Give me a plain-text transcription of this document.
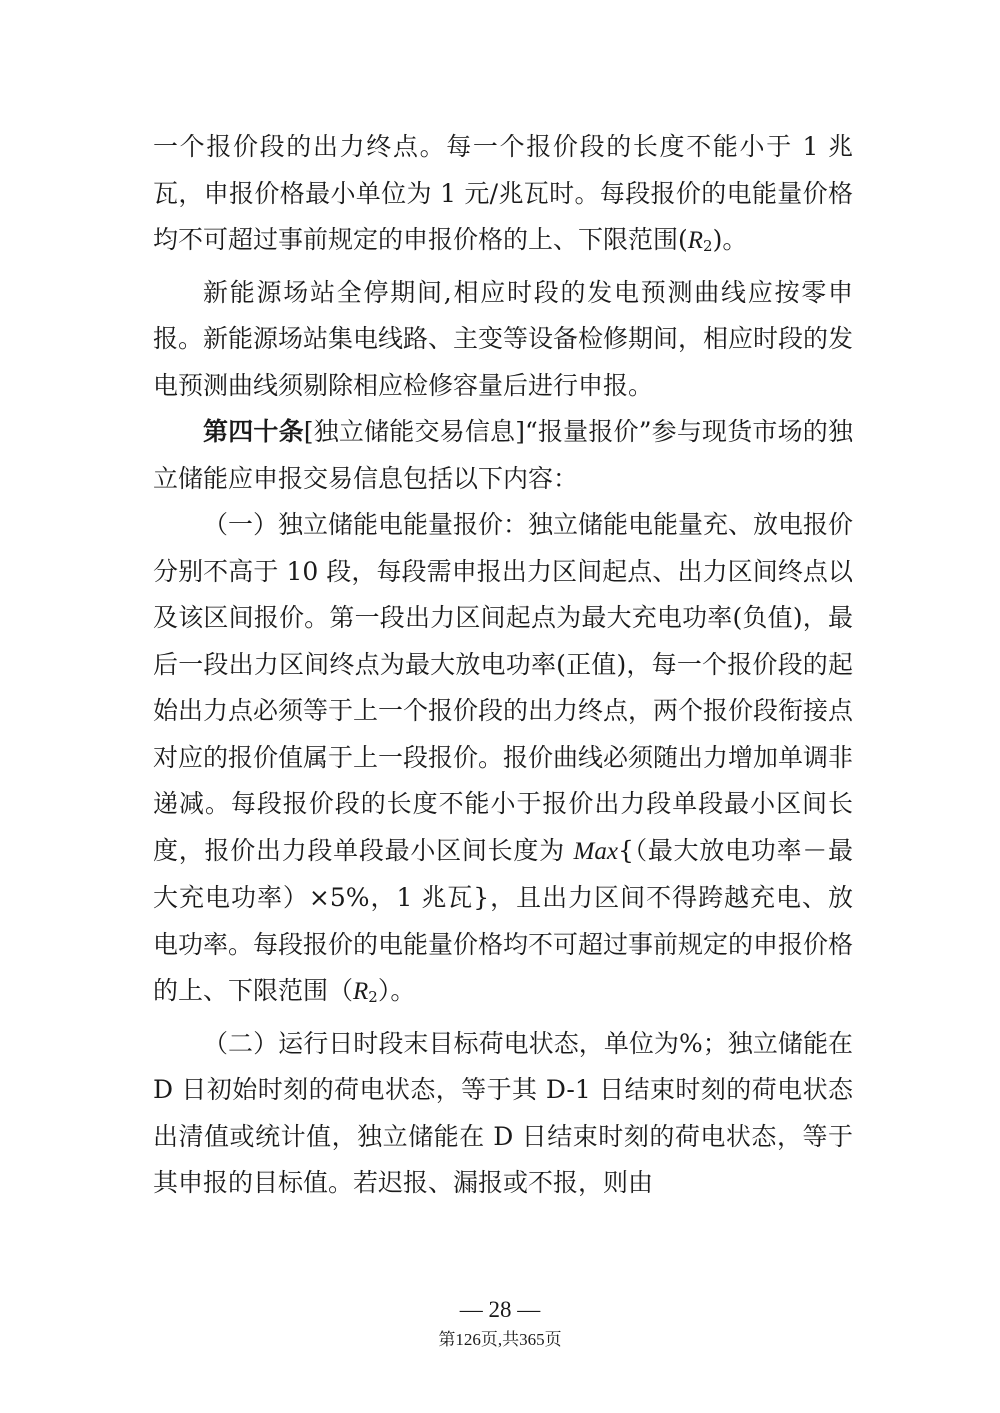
一个报价段的出力终点。每一个报价段的长度不能小于 1 兆瓦，申报价格最小单位为 1 元/兆瓦时。每段报价的电能量价格均不可超过事前规定的申报价格的上、下限范围$(R_2)$。

新能源场站全停期间,相应时段的发电预测曲线应按零申报。新能源场站集电线路、主变等设备检修期间，相应时段的发电预测曲线须剔除相应检修容量后进行申报。

第四十条[独立储能交易信息]“报量报价”参与现货市场的独立储能应申报交易信息包括以下内容：

（一）独立储能电能量报价：独立储能电能量充、放电报价分别不高于 10 段，每段需申报出力区间起点、出力区间终点以及该区间报价。第一段出力区间起点为最大充电功率(负值)，最后一段出力区间终点为最大放电功率(正值)，每一个报价段的起始出力点必须等于上一个报价段的出力终点，两个报价段衔接点对应的报价值属于上一段报价。报价曲线必须随出力增加单调非递减。每段报价段的长度不能小于报价出力段单段最小区间长度，报价出力段单段最小区间长度为 Max{（最大放电功率－最大充电功率）×5%，1 兆瓦}，且出力区间不得跨越充电、放电功率。每段报价的电能量价格均不可超过事前规定的申报价格的上、下限范围$(R_2)$。

（二）运行日时段末目标荷电状态，单位为%；独立储能在 D 日初始时刻的荷电状态，等于其 D-1 日结束时刻的荷电状态出清值或统计值，独立储能在 D 日结束时刻的荷电状态，等于其申报的目标值。若迟报、漏报或不报，则由

— 28 —
第126页,共365页
